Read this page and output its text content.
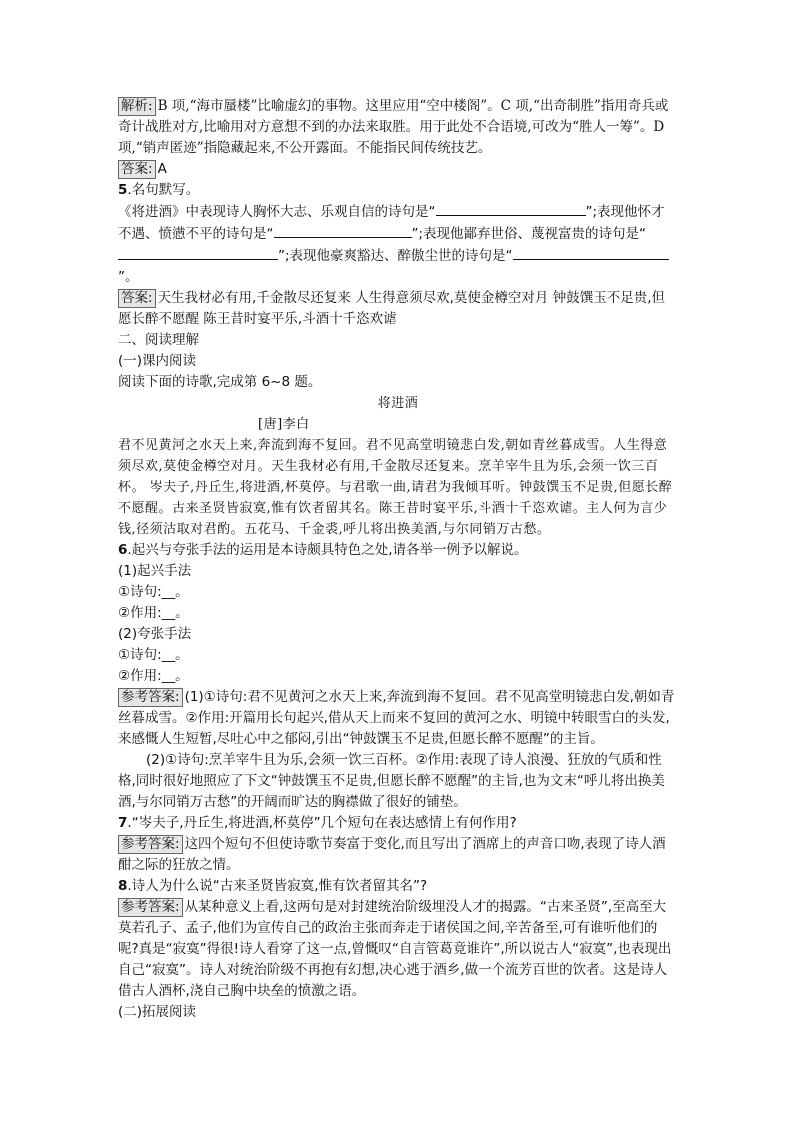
解析: B 项,“海市蜃楼”比喻虚幻的事物。这里应用“空中楼阁”。C 项,“出奇制胜”指用奇兵或奇计战胜对方,比喻用对方意想不到的办法来取胜。用于此处不合语境,可改为“胜人一筹”。D 项,“销声匿迹”指隐藏起来,不公开露面。不能指民间传统技艺。

答案: A

5.名句默写。

《将进酒》中表现诗人胸怀大志、乐观自信的诗句是“	”;表现他怀才不遇、愤懑不平的诗句是“	”;表现他鄙弃世俗、蔑视富贵的诗句是“”;表现他豪爽豁达、醉傲尘世的诗句是“”。

答案: 天生我材必有用,千金散尽还复来 人生得意须尽欢,莫使金樽空对月 钟鼓馔玉不足贵,但愿长醉不愿醒 陈王昔时宴平乐,斗酒十千恣欢谑

二、阅读理解

(一)课内阅读

阅读下面的诗歌,完成第 6~8 题。

将进酒

[唐]李白

君不见黄河之水天上来,奔流到海不复回。君不见高堂明镜悲白发,朝如青丝暮成雪。人生得意须尽欢,莫使金樽空对月。天生我材必有用,千金散尽还复来。烹羊宰牛且为乐,会须一饮三百杯。 岑夫子,丹丘生,将进酒,杯莫停。与君歌一曲,请君为我倾耳听。钟鼓馔玉不足贵,但愿长醉不愿醒。古来圣贤皆寂寞,惟有饮者留其名。陈王昔时宴平乐,斗酒十千恣欢谑。主人何为言少钱,径须沽取对君酌。五花马、千金裘,呼儿将出换美酒,与尔同销万古愁。

6.起兴与夸张手法的运用是本诗颇具特色之处,请各举一例予以解说。

(1)起兴手法

①诗句:__。

②作用:__。

(2)夸张手法

①诗句:__。

②作用:__。

参考答案: (1)①诗句:君不见黄河之水天上来,奔流到海不复回。君不见高堂明镜悲白发,朝如青丝暮成雪。②作用:开篇用长句起兴,借从天上而来不复回的黄河之水、明镜中转眼雪白的头发,来感慨人生短暂,尽吐心中之郁闷,引出“钟鼓馔玉不足贵,但愿长醉不愿醒”的主旨。

(2)①诗句:烹羊宰牛且为乐,会须一饮三百杯。②作用:表现了诗人浪漫、狂放的气质和性格,同时很好地照应了下文“钟鼓馔玉不足贵,但愿长醉不愿醒”的主旨,也为文末“呼儿将出换美酒,与尔同销万古愁”的开阔而旷达的胸襟做了很好的铺垫。

7.“岑夫子,丹丘生,将进酒,杯莫停”几个短句在表达感情上有何作用?

参考答案: 这四个短句不但使诗歌节奏富于变化,而且写出了酒席上的声音口吻,表现了诗人酒酣之际的狂放之情。

8.诗人为什么说“古来圣贤皆寂寞,惟有饮者留其名”?

参考答案: 从某种意义上看,这两句是对封建统治阶级埋没人才的揭露。“古来圣贤”,至高至大莫若孔子、孟子,他们为宣传自己的政治主张而奔走于诸侯国之间,辛苦备至,可有谁听他们的呢?真是“寂寞”得很!诗人看穿了这一点,曾慨叹“自言管葛竟谁许”,所以说古人“寂寞”,也表现出自己“寂寞”。诗人对统治阶级不再抱有幻想,决心逃于酒乡,做一个流芳百世的饮者。这是诗人借古人酒杯,浇自己胸中块垒的愤激之语。

(二)拓展阅读
